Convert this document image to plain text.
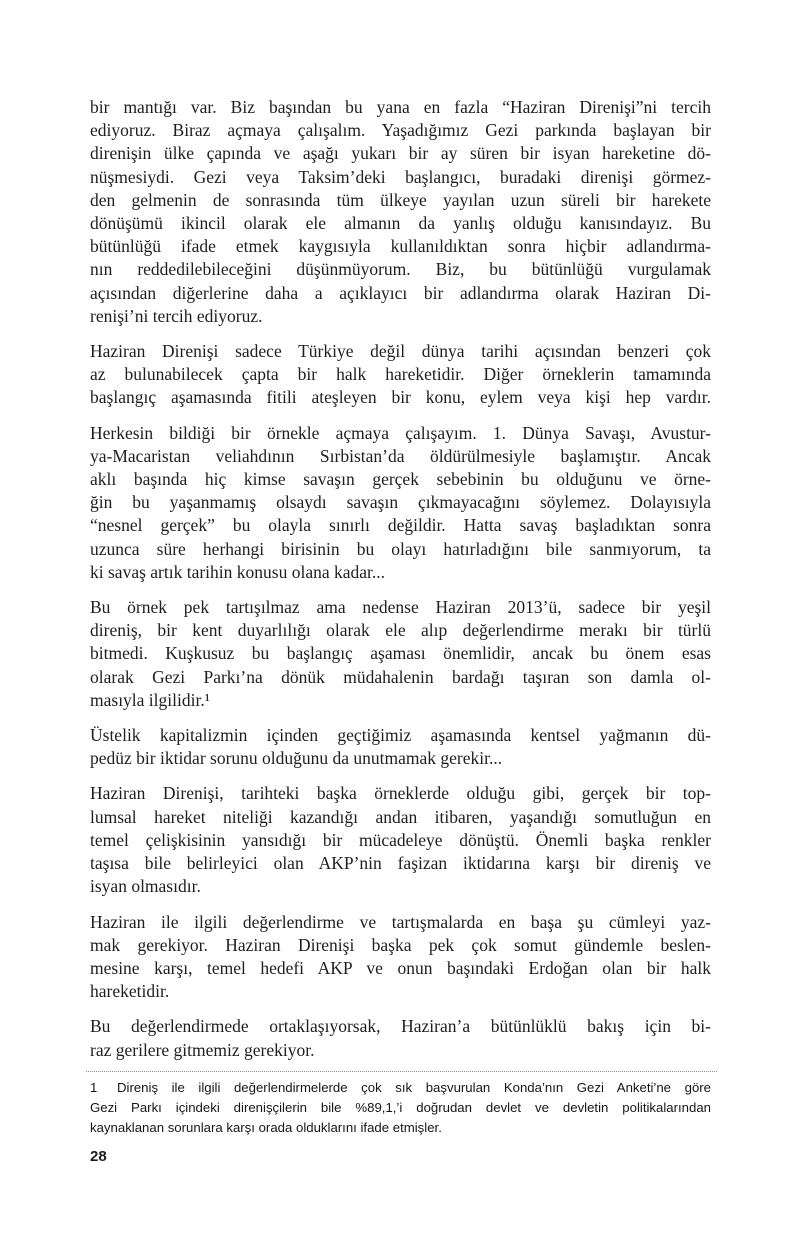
bir mantığı var. Biz başından bu yana en fazla “Haziran Direnişi”ni tercih
ediyoruz. Biraz açmaya çalışalım. Yaşadığımız Gezi parkında başlayan bir
direnişin ülke çapında ve aşağı yukarı bir ay süren bir isyan hareketine dö-
nüşmesiydi. Gezi veya Taksim’deki başlangıcı, buradaki direnişi görmez-
den gelmenin de sonrasında tüm ülkeye yayılan uzun süreli bir harekete
dönüşümü ikincil olarak ele almanın da yanlış olduğu kanısındayız. Bu
bütünlüğü ifade etmek kaygısıyla kullanıldıktan sonra hiçbir adlandırma-
nın reddedilebileceğini düşünmüyorum. Biz, bu bütünlüğü vurgulamak
açısından diğerlerine daha a açıklayıcı bir adlandırma olarak Haziran Di-
renişi’ni tercih ediyoruz.
Haziran Direnişi sadece Türkiye değil dünya tarihi açısından benzeri çok
az bulunabilecek çapta bir halk hareketidir. Diğer örneklerin tamamında
başlangıç aşamasında fitili ateşleyen bir konu, eylem veya kişi hep vardır.
Herkesin bildiği bir örnekle açmaya çalışayım. 1. Dünya Savaşı, Avustur-
ya-Macaristan veliahdının Sırbistan’da öldürülmesiyle başlamıştır. Ancak
aklı başında hiç kimse savaşın gerçek sebebinin bu olduğunu ve örne-
ğin bu yaşanmamış olsaydı savaşın çıkmayacağını söylemez. Dolayısıyla
“nesnel gerçek” bu olayla sınırlı değildir. Hatta savaş başladıktan sonra
uzunca süre herhangi birisinin bu olayı hatırladığını bile sanmıyorum, ta
ki savaş artık tarihin konusu olana kadar...
Bu örnek pek tartışılmaz ama nedense Haziran 2013’ü, sadece bir yeşil
direniş, bir kent duyarlılığı olarak ele alıp değerlendirme merakı bir türlü
bitmedi. Kuşkusuz bu başlangıç aşaması önemlidir, ancak bu önem esas
olarak Gezi Parkı’na dönük müdahalenin bardağı taşıran son damla ol-
masıyla ilgilidir.¹
Üstelik kapitalizmin içinden geçtiğimiz aşamasında kentsel yağmanın dü-
pedüz bir iktidar sorunu olduğunu da unutmamak gerekir...
Haziran Direnişi, tarihteki başka örneklerde olduğu gibi, gerçek bir top-
lumsal hareket niteliği kazandığı andan itibaren, yaşandığı somutluğun en
temel çelişkisinin yansıdığı bir mücadeleye dönüştü. Önemli başka renkler
taşısa bile belirleyici olan AKP’nin faşizan iktidarına karşı bir direniş ve
isyan olmasıdır.
Haziran ile ilgili değerlendirme ve tartışmalarda en başa şu cümleyi yaz-
mak gerekiyor. Haziran Direnişi başka pek çok somut gündemle beslen-
mesine karşı, temel hedefi AKP ve onun başındaki Erdoğan olan bir halk
hareketidir.
Bu değerlendirmede ortaklaşıyorsak, Haziran’a bütünlüklü bakış için bi-
raz gerilere gitmemiz gerekiyor.
1 Direniş ile ilgili değerlendirmelerde çok sık başvurulan Konda’nın Gezi Anketi’ne göre
Gezi Parkı içindeki direnişçilerin bile %89,1,’i doğrudan devlet ve devletin politikalarından
kaynaklanan sorunlara karşı orada olduklarını ifade etmişler.
28
